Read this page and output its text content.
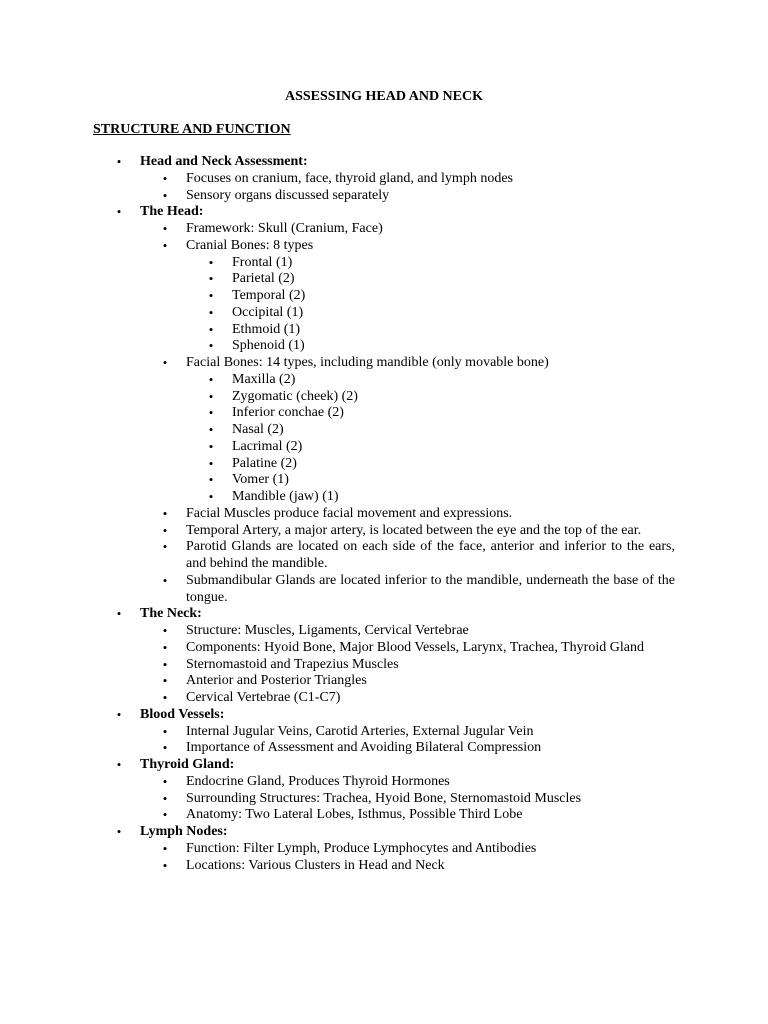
ASSESSING HEAD AND NECK
STRUCTURE AND FUNCTION
• Head and Neck Assessment:
• Focuses on cranium, face, thyroid gland, and lymph nodes
• Sensory organs discussed separately
• The Head:
• Framework: Skull (Cranium, Face)
• Cranial Bones: 8 types
• Frontal (1)
• Parietal (2)
• Temporal (2)
• Occipital (1)
• Ethmoid (1)
• Sphenoid (1)
• Facial Bones: 14 types, including mandible (only movable bone)
• Maxilla (2)
• Zygomatic (cheek) (2)
• Inferior conchae (2)
• Nasal (2)
• Lacrimal (2)
• Palatine (2)
• Vomer (1)
• Mandible (jaw) (1)
• Facial Muscles produce facial movement and expressions.
• Temporal Artery, a major artery, is located between the eye and the top of the ear.
• Parotid Glands are located on each side of the face, anterior and inferior to the ears, and behind the mandible.
• Submandibular Glands are located inferior to the mandible, underneath the base of the tongue.
• The Neck:
• Structure: Muscles, Ligaments, Cervical Vertebrae
• Components: Hyoid Bone, Major Blood Vessels, Larynx, Trachea, Thyroid Gland
• Sternomastoid and Trapezius Muscles
• Anterior and Posterior Triangles
• Cervical Vertebrae (C1-C7)
• Blood Vessels:
• Internal Jugular Veins, Carotid Arteries, External Jugular Vein
• Importance of Assessment and Avoiding Bilateral Compression
• Thyroid Gland:
• Endocrine Gland, Produces Thyroid Hormones
• Surrounding Structures: Trachea, Hyoid Bone, Sternomastoid Muscles
• Anatomy: Two Lateral Lobes, Isthmus, Possible Third Lobe
• Lymph Nodes:
• Function: Filter Lymph, Produce Lymphocytes and Antibodies
• Locations: Various Clusters in Head and Neck
